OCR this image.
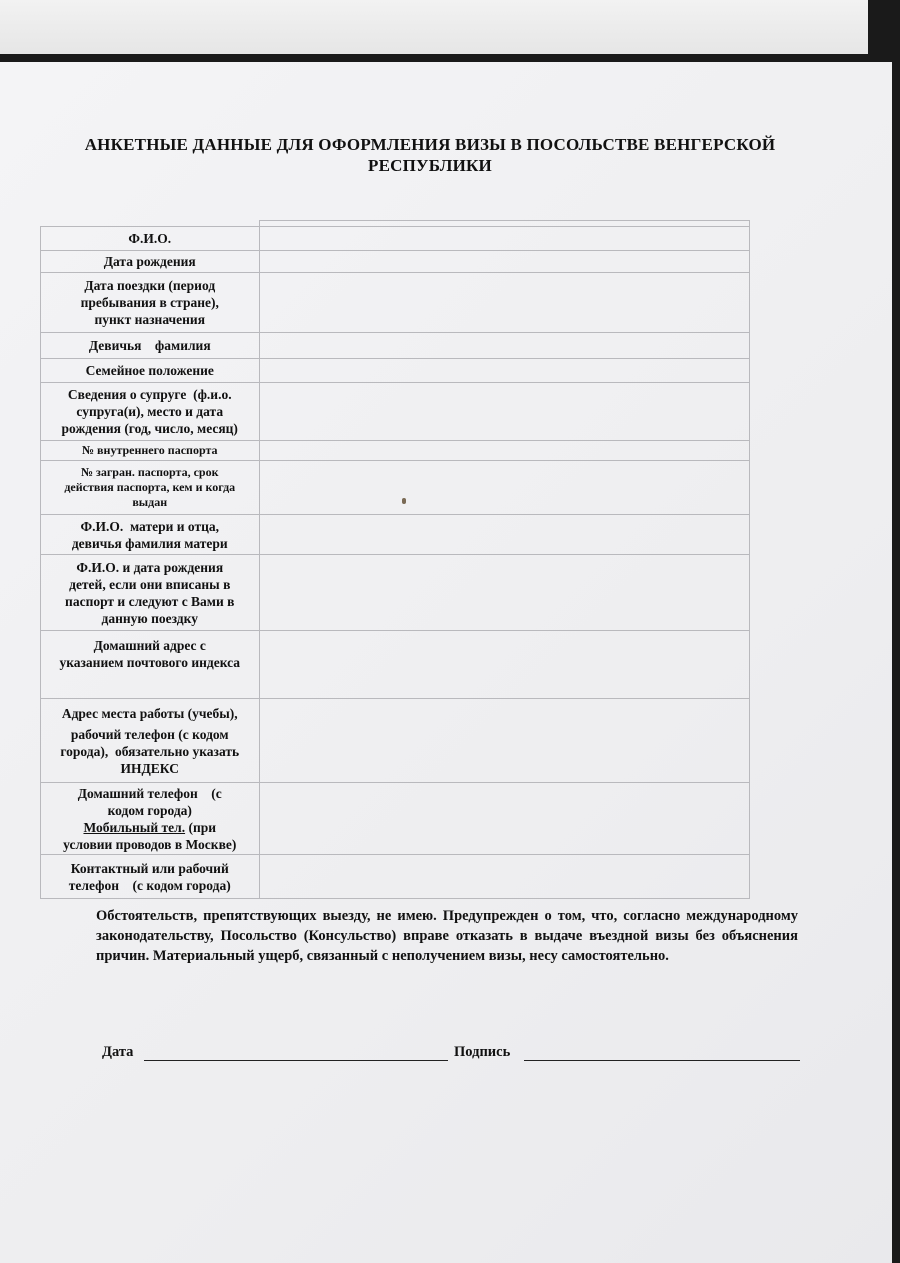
АНКЕТНЫЕ ДАННЫЕ ДЛЯ ОФОРМЛЕНИЯ ВИЗЫ В ПОСОЛЬСТВЕ ВЕНГЕРСКОЙ
РЕСПУБЛИКИ

Ф.И.О.	
Дата рождения	

Дата поездки (период
пребывания в стране),
пункт назначения	

Девичья    фамилия	
Семейное положение	

Сведения о супруге  (ф.и.о.
супруга(и), место и дата
рождения (год, число, месяц)	

№ внутреннего паспорта	

№ загран. паспорта, срок
действия паспорта, кем и когда
выдан	

Ф.И.О.  матери и отца,
девичья фамилия матери	

Ф.И.О. и дата рождения
детей, если они вписаны в
паспорт и следуют с Вами в
данную поездку	

Домашний адрес с
указанием почтового индекса	

Адрес места работы (учебы),
рабочий телефон (с кодом
города),  обязательно указать
ИНДЕКС	

Домашний телефон    (с
кодом города)
Мобильный тел. (при
условии проводов в Москве)	

Контактный или рабочий
телефон    (с кодом города)	

Обстоятельств, препятствующих выезду, не имею. Предупрежден о том, что, согласно международному законодательству, Посольство (Консульство) вправе отказать в выдаче въездной визы без объяснения причин. Материальный ущерб, связанный с неполучением визы, несу самостоятельно.
Дата	Подпись
